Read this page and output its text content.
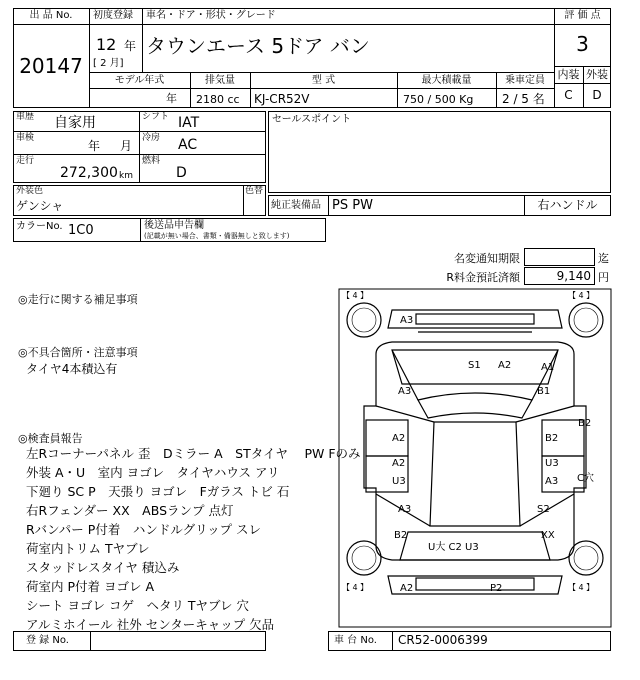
出 品 No.
20147
初度登録
12 年
[ 2 月]
車名・ドア・形状・グレード
タウンエース 5ドア バン
評 価 点
3
内装 外装
C	D
モデル年式	排気量	型 式	最大積載量	乗車定員
年 2180 cc KJ-CR52V	750 / 500 Kg 2 / 5 名
車歴 自家用	シフト IAT
車検
年 月
冷房 AC
走行
272,300 km
燃料
D
セールスポイント
外装色
ゲンシャ
色替
純正装備品 PS PW	右ハンドル
カラーNo. 1C0	後送品申告欄
(記載が無い場合、書類・備器無しと致します)
名変通知期限	迄
R料金預託済額	9,140 円
◎走行に関する補足事項
◎不具合箇所・注意事項
タイヤ4本積込有
◎検査員報告
左Rコーナーパネル 歪　Dミラー A　STタイヤ　 PW Fのみ
外装 A・U　室内 ヨゴレ　タイヤハウス アリ
下廻り SC P　天張り ヨゴレ　Fガラス トビ 石
右Rフェンダー XX　ABSランプ 点灯
Rバンパー P付着　ハンドルグリップ スレ
荷室内トリム Tヤブレ
スタッドレスタイヤ 積込み
荷室内 P付着 ヨゴレ A
シート ヨゴレ コゲ　ヘタリ Tヤブレ 穴
アルミホイール 社外 センターキャップ 欠品
【 4 】	【 4 】
【 4 】	【 4 】
A3
S1 A2	A1
B1
A3
A2
A2
U3
B2
U3
A3
B2
C穴
A3
B2
S2
XX
U大 C2 U3
A2	P2
登 録 No.	車 台 No. CR52-0006399
